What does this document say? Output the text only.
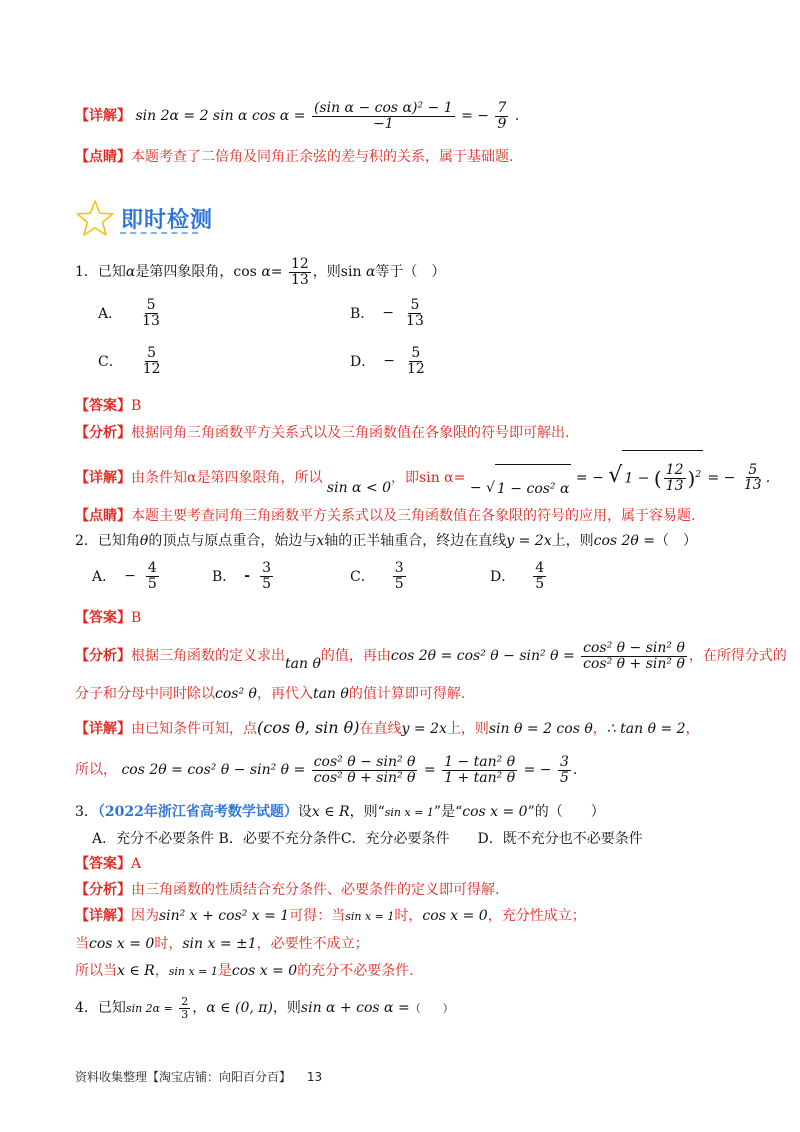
【详解】 sin 2α = 2 sin α $\cos \alpha = \frac{\text{(sin α − cos α)² − 1}}{-1}$ = − $\frac{7}{9}$ .
【点睛】本题考查了二倍角及同角正余弦的差与积的关系，属于基础题.
即时检测
1．已知α是第四象限角，$\cos \alpha= \frac{12}{13}$ ，则sin α等于（　）
A． $\frac{5}{13}$	B． − $\frac{5}{13}$
C． $\frac{5}{12}$	D． − $\frac{5}{12}$
【答案】B
【分析】根据同角三角函数平方关系式以及三角函数值在各象限的符号即可解出.
【详解】由条件知α是第四象限角，所以 sin α < 0，即sin α= − √ 1 − cos² α
= − √ 1 − ( $\frac{12}{13} )^2$ = − $\frac{5}{13}$ .
【点睛】本题主要考查同角三角函数平方关系式以及三角函数值在各象限的符号的应用，属于容易题.
2．已知角θ的顶点与原点重合，始边与x轴的正半轴重合，终边在直线y = 2x上，则cos 2θ =（　）
A． − $\frac{4}{5}$	B． - $\frac{3}{5}$	C． $\frac{3}{5}$	D． $\frac{4}{5}$
【答案】B
【分析】根据三角函数的定义求出tan θ的值，再由cos 2θ = cos² θ − sin² $\theta = \frac{\text{cos² θ − sin² θ}}{\text{cos² θ + sin² θ}}$ ，在所得分式的
分子和分母中同时除以cos² θ，再代入tan θ的值计算即可得解.
【详解】由已知条件可知，点(cos θ, sin θ)在直线y = 2x上，则sin θ = 2 cos θ，∴ tan θ = 2，
所以， cos 2θ = cos² θ − sin² $\theta = \frac{\text{cos² θ − sin² θ}}{\text{cos² θ + sin² θ}} = \frac{\text{1 − tan² θ}}{\text{1 + tan² θ}}$ = − $\frac{3}{5}$ .
3．（2022年浙江省高考数学试题）设x ∈ R，则“sin x = 1”是“cos x = 0”的（　　）
A．充分不必要条件 B．必要不充分条件C．充分必要条件　　D．既不充分也不必要条件
【答案】A
【分析】由三角函数的性质结合充分条件、必要条件的定义即可得解.
【详解】因为sin² x + cos² x = 1可得：当sin x = 1时，cos x = 0，充分性成立；
当cos x = 0时，sin x = ±1，必要性不成立；
所以当x ∈ R，sin x = 1是cos x = 0的充分不必要条件.
4．已知$\sin 2\alpha = \frac{2}{3}$ ，α ∈ (0, π)，则sin α + cos α =（　　）
资料收集整理【淘宝店铺：向阳百分百】 13
